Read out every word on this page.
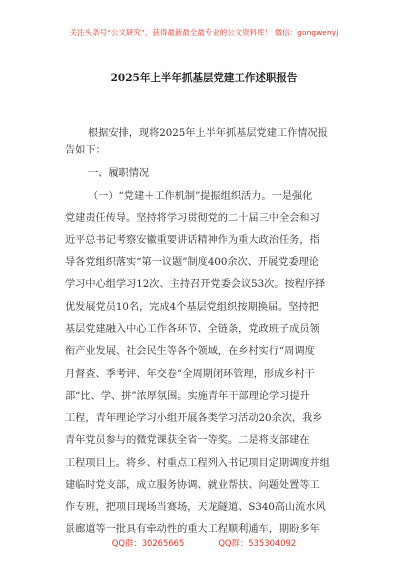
关注头条号“公文研究”，获得最新最全最专业的公文资料库！ 微信：gongwenyj
2025年上半年抓基层党建工作述职报告
根据安排，现将2025年上半年抓基层党建工作情况报
告如下：
一、履职情况
（一）“党建＋工作机制”提振组织活力。一是强化
党建责任传导。坚持将学习贯彻党的二十届三中全会和习
近平总书记考察安徽重要讲话精神作为重大政治任务，指
导各党组织落实“第一议题”制度400余次、开展党委理论
学习中心组学习12次、主持召开党委会议53次。按程序择
优发展党员10名，完成4个基层党组织按期换届。坚持把
基层党建融入中心工作各环节、全链条，党政班子成员领
衔产业发展、社会民生等各个领域，在乡村实行“周调度
月督查、季考评、年交卷”全周期闭环管理，形成乡村干
部“比、学、拼”浓厚氛围。实施青年干部理论学习提升
工程，青年理论学习小组开展各类学习活动20余次，我乡
青年党员参与的微党课获全省一等奖。二是将支部建在
工程项目上。将乡、村重点工程列入书记项目定期调度并组
建临时党支部，成立服务协调、就业帮扶、问题处置等工
作专班，把项目现场当赛场，天龙隧道、S340高山流水风
景廊道等一批具有牵动性的重大工程顺利通车，期盼多年
QQ群：30265665	QQ群：535304092
